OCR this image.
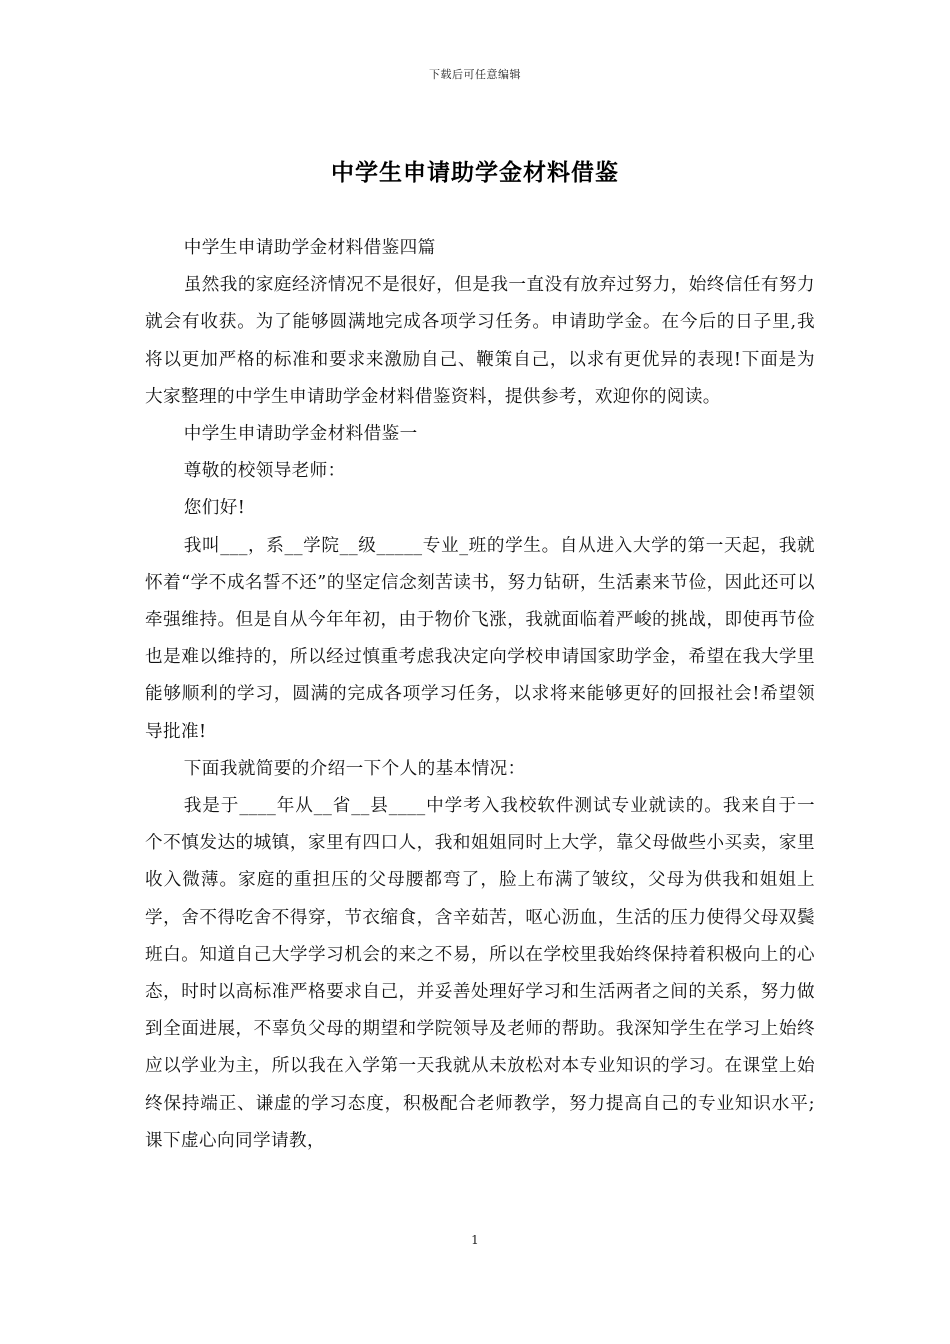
下载后可任意编辑
中学生申请助学金材料借鉴

中学生申请助学金材料借鉴四篇

虽然我的家庭经济情况不是很好，但是我一直没有放弃过努力，始终信任有努力就会有收获。为了能够圆满地完成各项学习任务。申请助学金。在今后的日子里,我将以更加严格的标准和要求来激励自己、鞭策自己，以求有更优异的表现!下面是为大家整理的中学生申请助学金材料借鉴资料，提供参考，欢迎你的阅读。

中学生申请助学金材料借鉴一

尊敬的校领导老师：

您们好!

我叫___，系__学院__级_____专业_班的学生。自从进入大学的第一天起，我就怀着“学不成名誓不还”的坚定信念刻苦读书，努力钻研，生活素来节俭，因此还可以牵强维持。但是自从今年年初，由于物价飞涨，我就面临着严峻的挑战，即使再节俭也是难以维持的，所以经过慎重考虑我决定向学校申请国家助学金，希望在我大学里能够顺利的学习，圆满的完成各项学习任务，以求将来能够更好的回报社会!希望领导批准!

下面我就简要的介绍一下个人的基本情况：

我是于____年从__省__县____中学考入我校软件测试专业就读的。我来自于一个不慎发达的城镇，家里有四口人，我和姐姐同时上大学，靠父母做些小买卖，家里收入微薄。家庭的重担压的父母腰都弯了，脸上布满了皱纹，父母为供我和姐姐上学，舍不得吃舍不得穿，节衣缩食，含辛茹苦，呕心沥血，生活的压力使得父母双鬓班白。知道自己大学学习机会的来之不易，所以在学校里我始终保持着积极向上的心态，时时以高标准严格要求自己，并妥善处理好学习和生活两者之间的关系，努力做到全面进展，不辜负父母的期望和学院领导及老师的帮助。我深知学生在学习上始终应以学业为主，所以我在入学第一天我就从未放松对本专业知识的学习。在课堂上始终保持端正、谦虚的学习态度，积极配合老师教学，努力提高自己的专业知识水平;课下虚心向同学请教，

1
